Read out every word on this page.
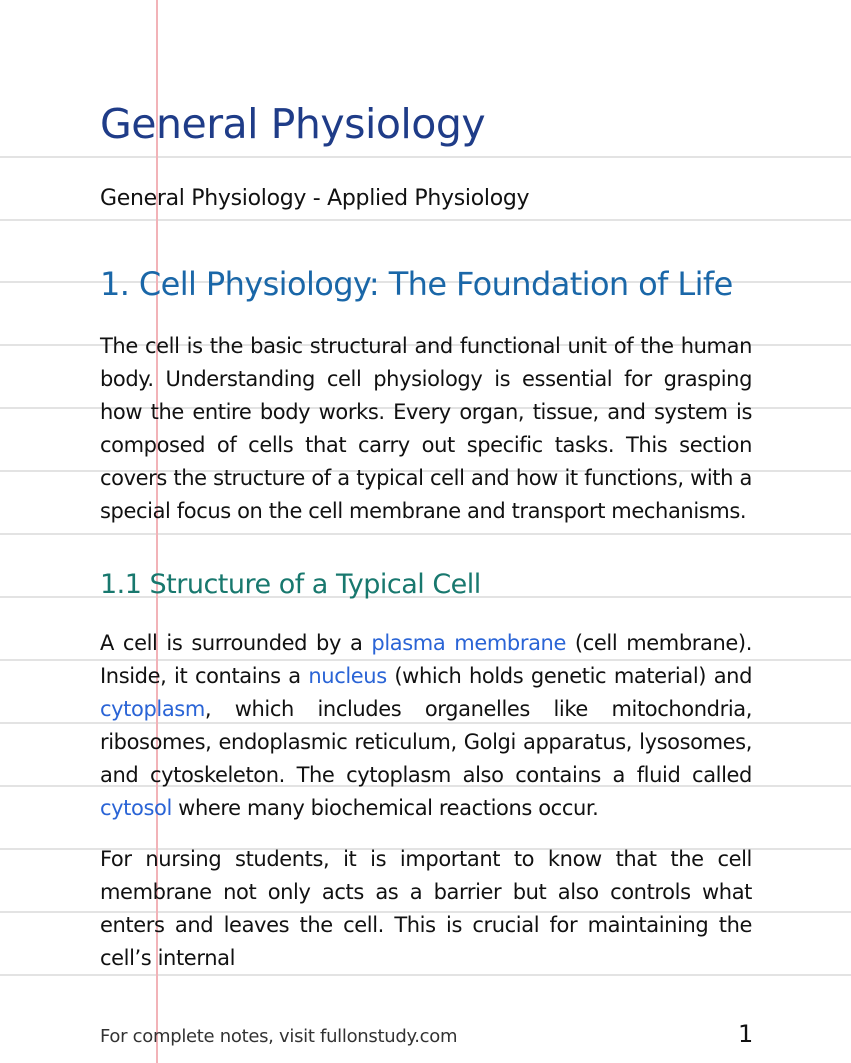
General Physiology
General Physiology - Applied Physiology
1. Cell Physiology: The Foundation of Life

The cell is the basic structural and functional unit of the human body. Understanding cell physiology is essential for grasping how the entire body works. Every organ, tissue, and system is composed of cells that carry out specific tasks. This section covers the structure of a typical cell and how it functions, with a special focus on the cell membrane and transport mechanisms.

1.1 Structure of a Typical Cell

A cell is surrounded by a plasma membrane (cell membrane). Inside, it contains a nucleus (which holds genetic material) and cytoplasm, which includes organelles like mitochondria, ribosomes, endoplasmic reticulum, Golgi apparatus, lysosomes, and cytoskeleton. The cytoplasm also contains a fluid called cytosol where many biochemical reactions occur.

For nursing students, it is important to know that the cell membrane not only acts as a barrier but also controls what enters and leaves the cell. This is crucial for maintaining the cell’s internal

For complete notes, visit fullonstudy.com	1
